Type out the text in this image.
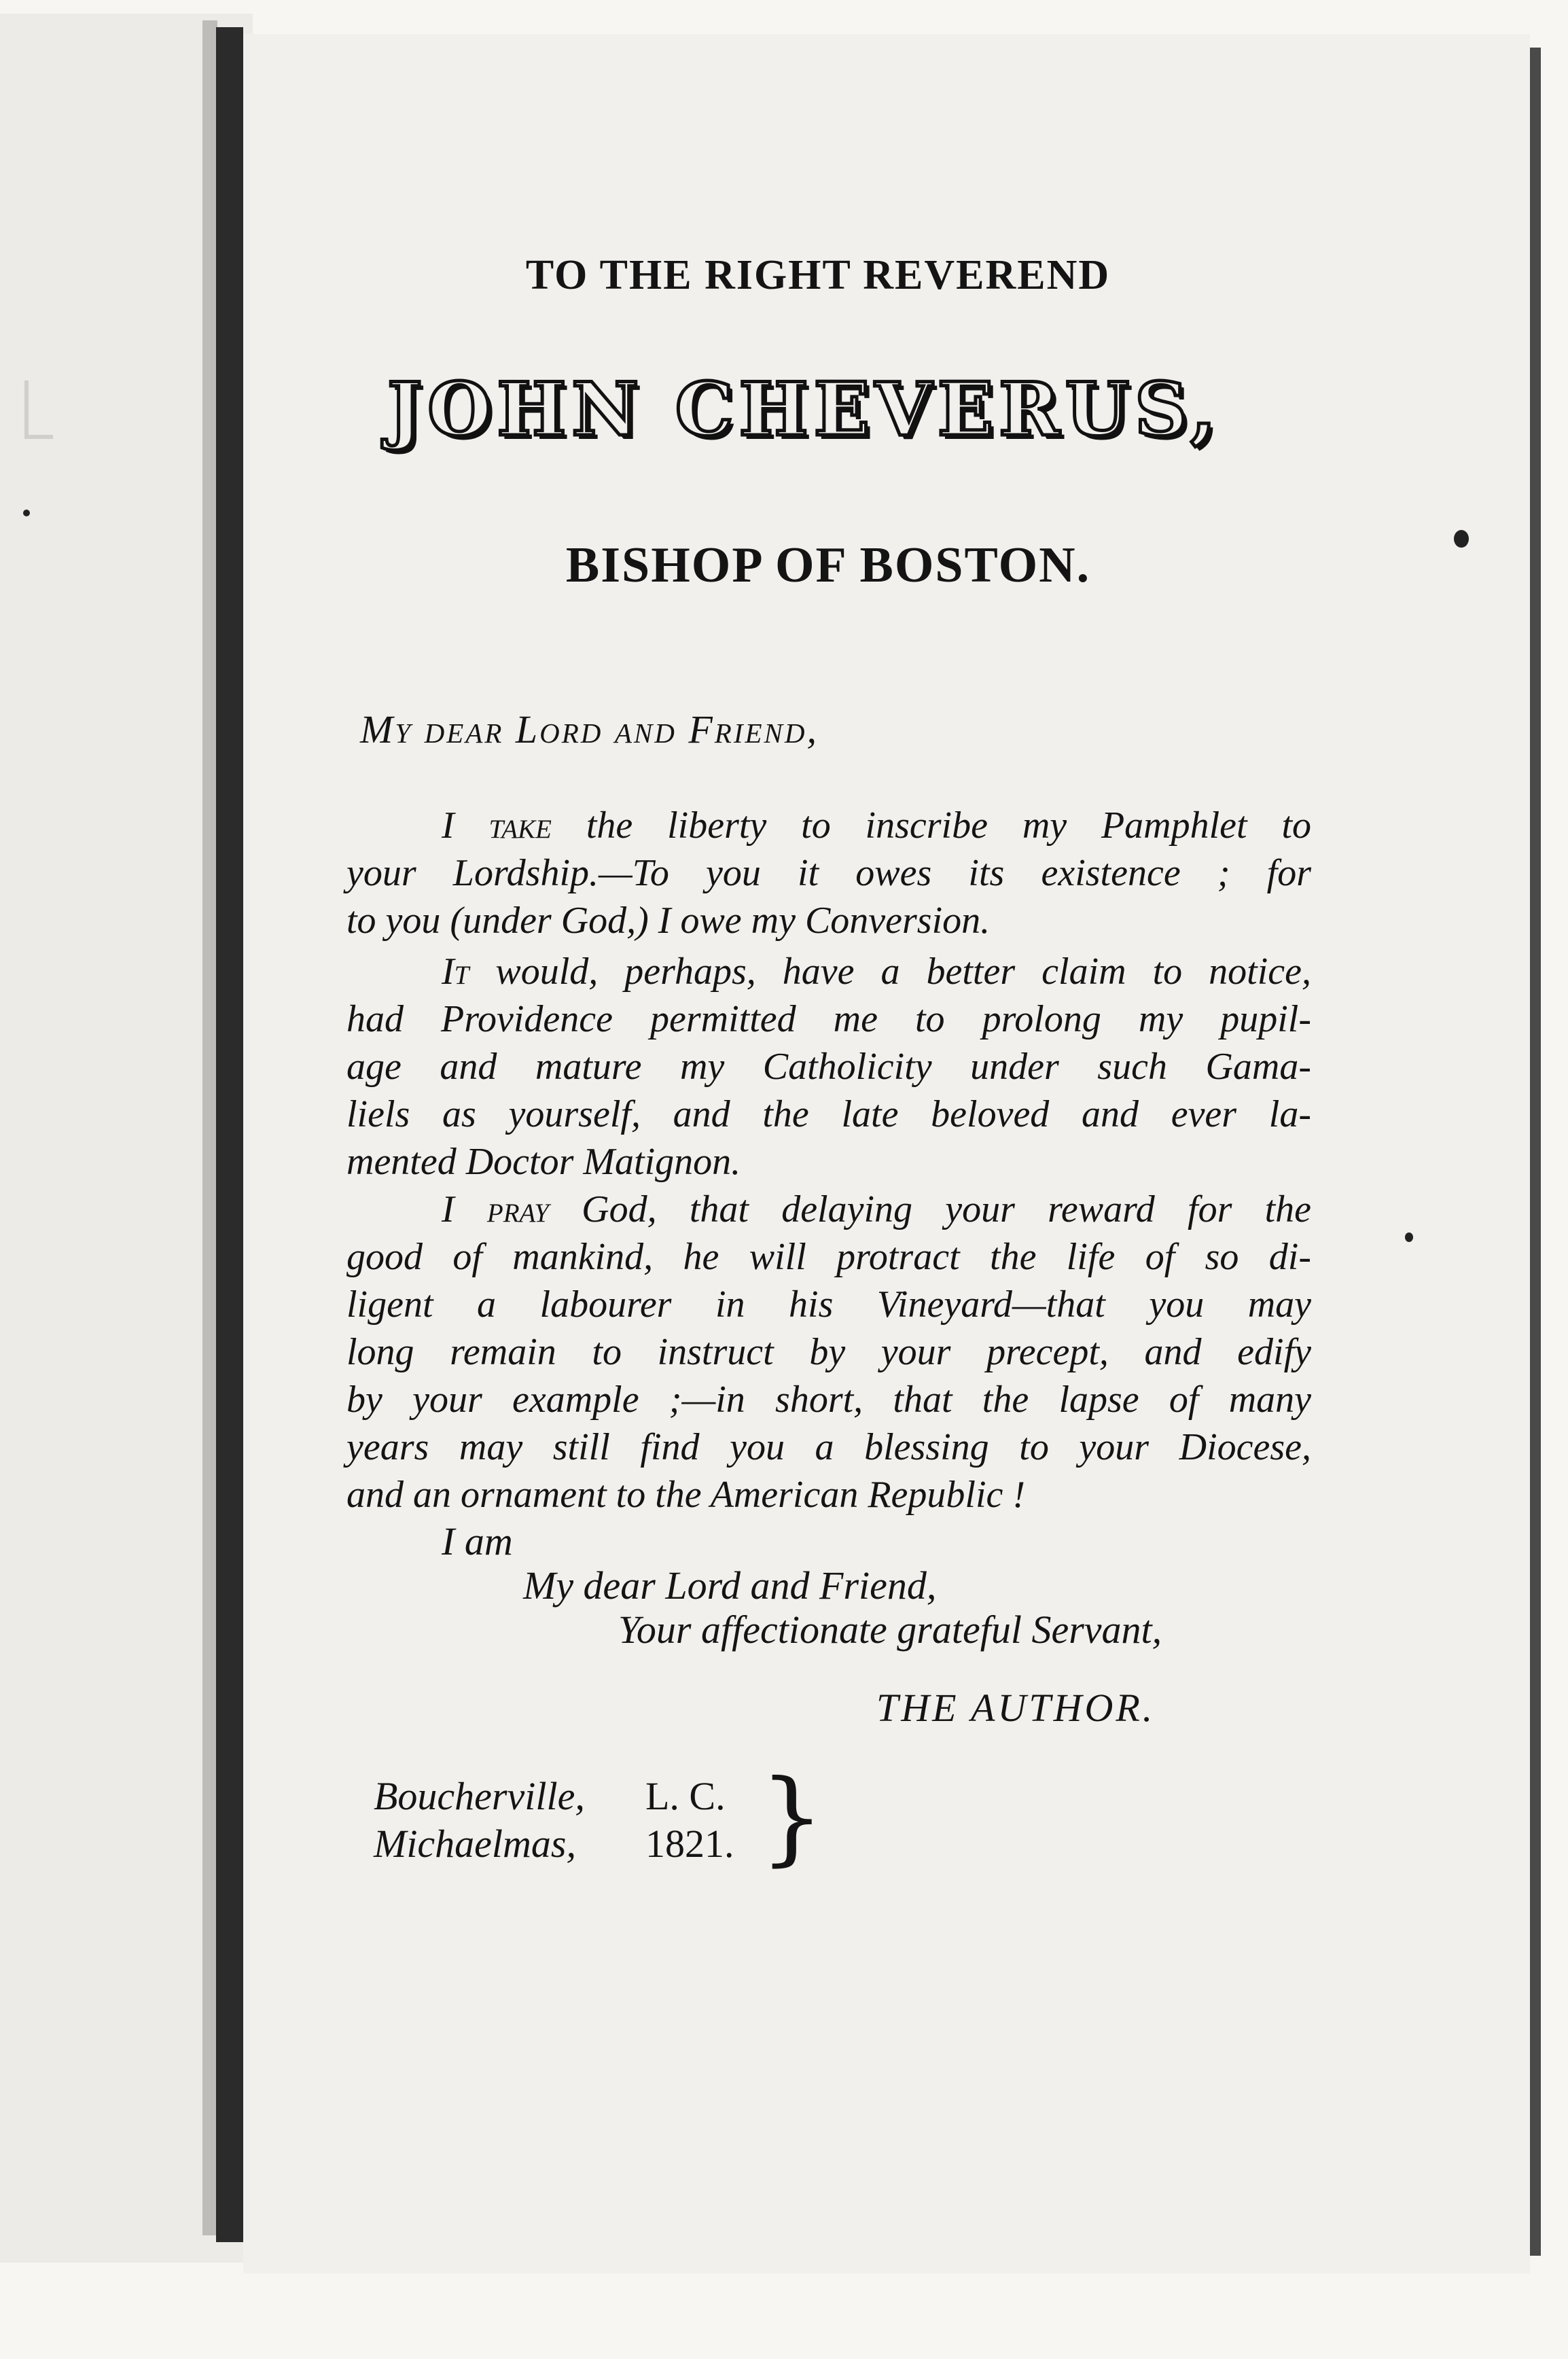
TO THE RIGHT REVEREND

JOHN CHEVERUS,

BISHOP OF BOSTON.

My dear Lord and Friend,

I take the liberty to inscribe my Pamphlet to

your Lordship.—To you it owes its existence ; for

to you (under God,) I owe my Conversion.

It would, perhaps, have a better claim to notice,

had Providence permitted me to prolong my pupil-

age and mature my Catholicity under such Gama-

liels as yourself, and the late beloved and ever la-

mented Doctor Matignon.

I pray God, that delaying your reward for the

good of mankind, he will protract the life of so di-

ligent a labourer in his Vineyard—that you may

long remain to instruct by your precept, and edify

by your example ;—in short, that the lapse of many

years may still find you a blessing to your Diocese,

and an ornament to the American Republic !

I am

My dear Lord and Friend,

Your affectionate grateful Servant,

THE AUTHOR.

Boucherville, L. C.

Michaelmas, 1821. }
